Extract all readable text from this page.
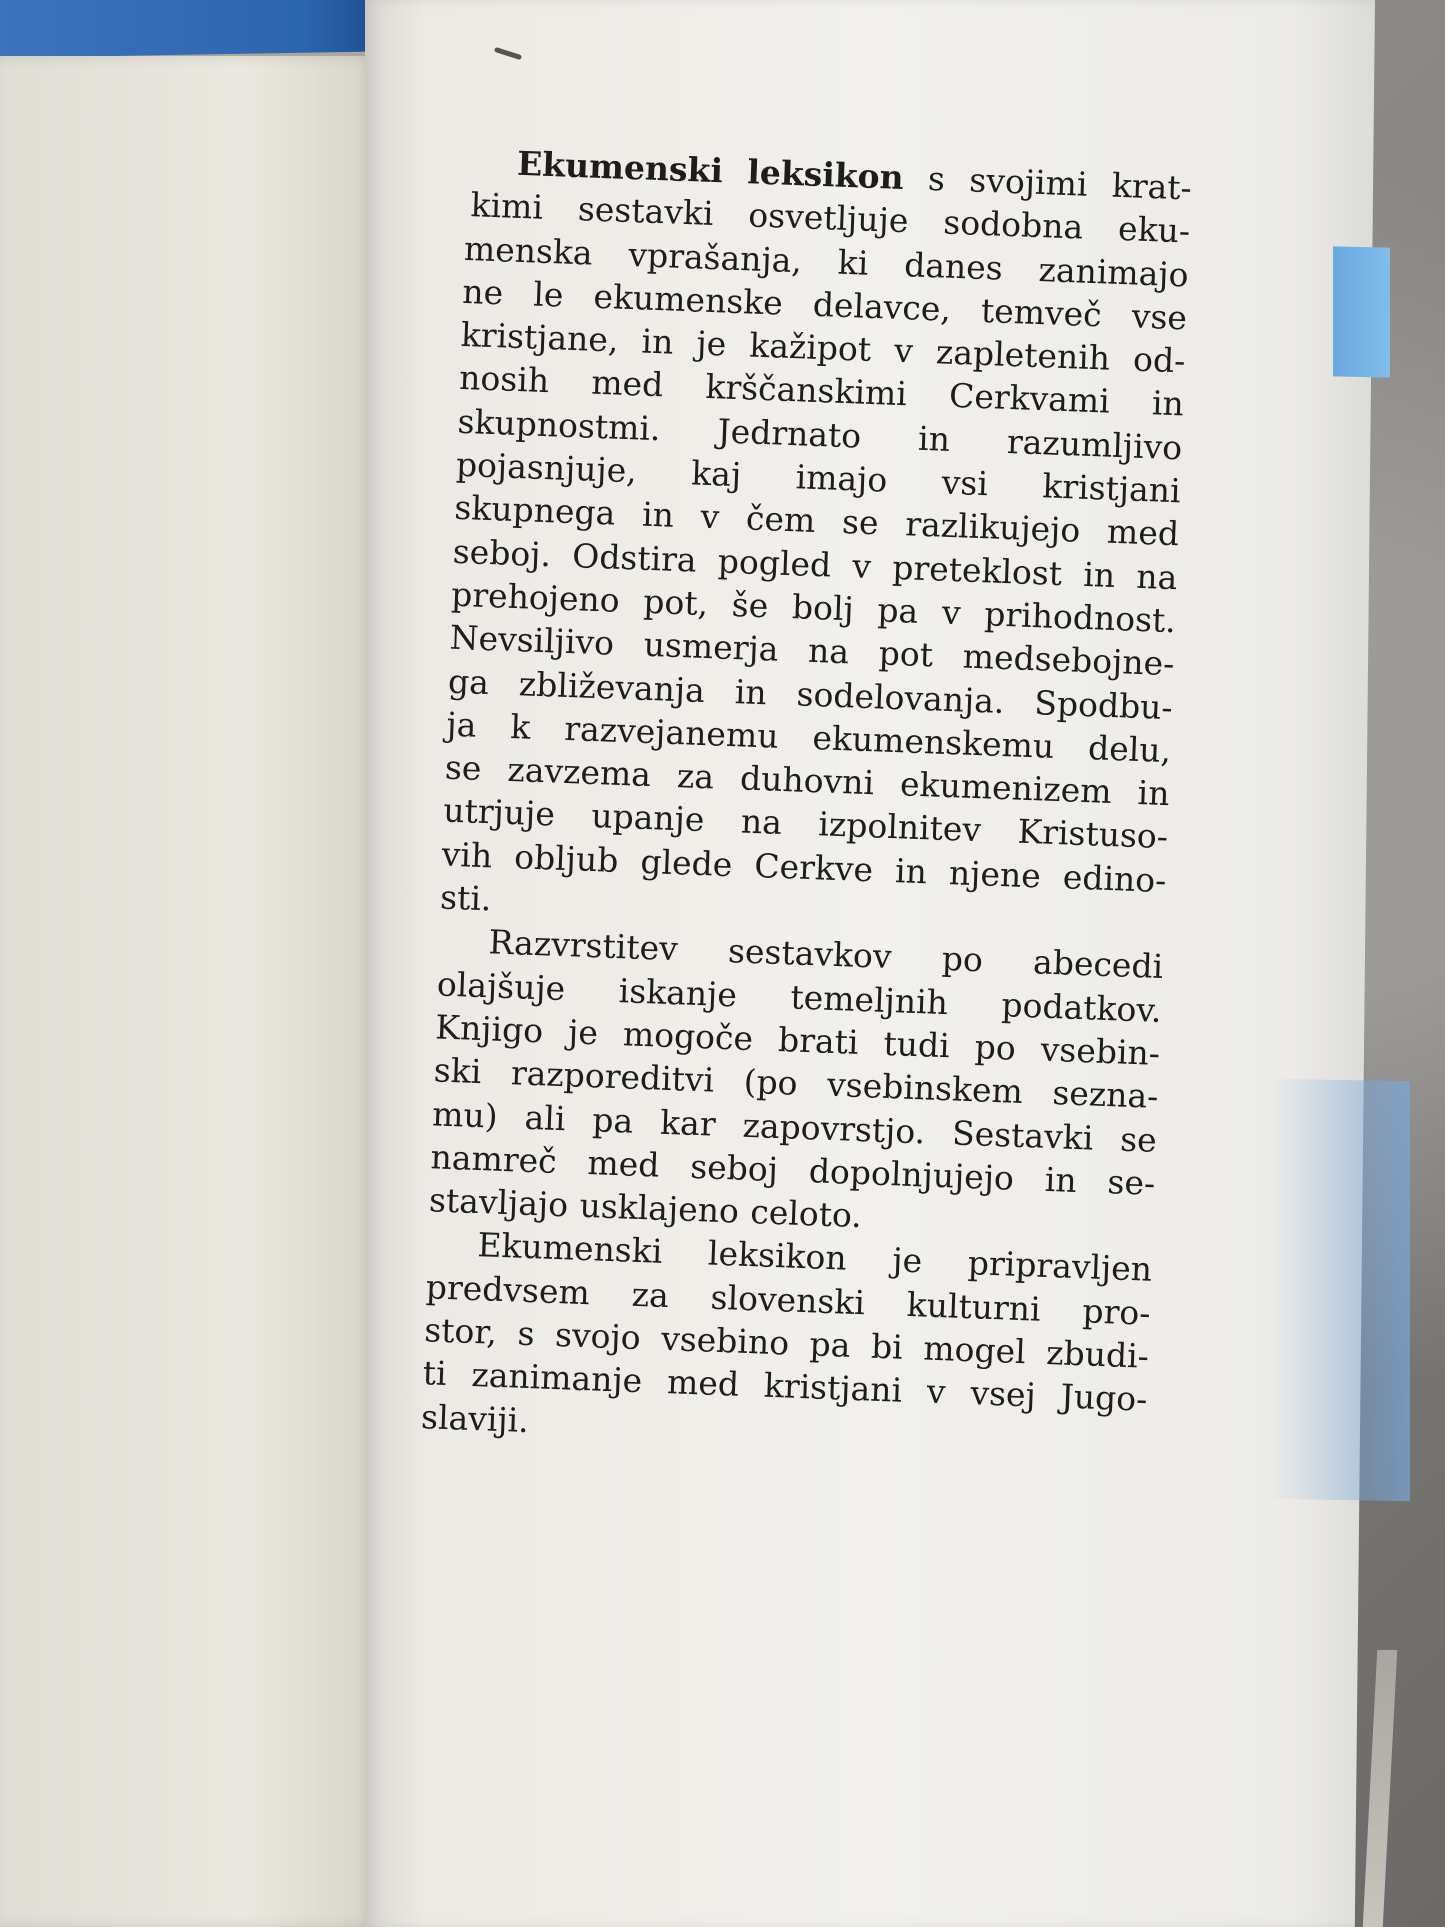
Ekumenski leksikon s svojimi krat-
kimi sestavki osvetljuje sodobna eku-
menska vprašanja, ki danes zanimajo
ne le ekumenske delavce, temveč vse
kristjane, in je kažipot v zapletenih od-
nosih med krščanskimi Cerkvami in
skupnostmi. Jedrnato in razumljivo
pojasnjuje, kaj imajo vsi kristjani
skupnega in v čem se razlikujejo med
seboj. Odstira pogled v preteklost in na
prehojeno pot, še bolj pa v prihodnost.
Nevsiljivo usmerja na pot medsebojne-
ga zbliževanja in sodelovanja. Spodbu-
ja k razvejanemu ekumenskemu delu,
se zavzema za duhovni ekumenizem in
utrjuje upanje na izpolnitev Kristuso-
vih obljub glede Cerkve in njene edino-
sti.
Razvrstitev sestavkov po abecedi
olajšuje iskanje temeljnih podatkov.
Knjigo je mogoče brati tudi po vsebin-
ski razporeditvi (po vsebinskem sezna-
mu) ali pa kar zapovrstjo. Sestavki se
namreč med seboj dopolnjujejo in se-
stavljajo usklajeno celoto.
Ekumenski leksikon je pripravljen
predvsem za slovenski kulturni pro-
stor, s svojo vsebino pa bi mogel zbudi-
ti zanimanje med kristjani v vsej Jugo-
slaviji.
